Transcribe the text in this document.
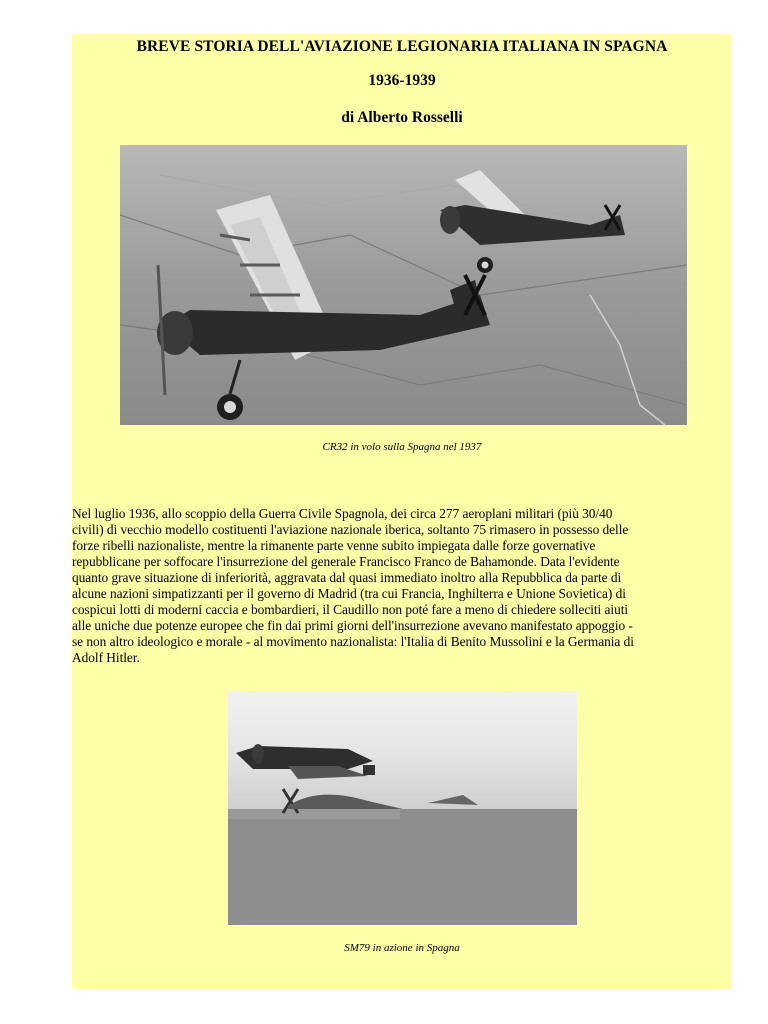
BREVE STORIA DELL'AVIAZIONE LEGIONARIA ITALIANA IN SPAGNA
1936-1939
di Alberto Rosselli
CR32 in volo sulla Spagna nel 1937
Nel luglio 1936, allo scoppio della Guerra Civile Spagnola, dei circa 277 aeroplani militari (più 30/40
civili) di vecchio modello costituenti l'aviazione nazionale iberica, soltanto 75 rimasero in possesso delle
forze ribelli nazionaliste, mentre la rimanente parte venne subito impiegata dalle forze governative
repubblicane per soffocare l'insurrezione del generale Francisco Franco de Bahamonde. Data l'evidente
quanto grave situazione di inferiorità, aggravata dal quasi immediato inoltro alla Repubblica da parte di
alcune nazioni simpatizzanti per il governo di Madrid (tra cui Francia, Inghilterra e Unione Sovietica) di
cospicui lotti di moderni caccia e bombardieri, il Caudillo non poté fare a meno di chiedere solleciti aiuti
alle uniche due potenze europee che fin dai primi giorni dell'insurrezione avevano manifestato appoggio -
se non altro ideologico e morale - al movimento nazionalista: l'Italia di Benito Mussolini e la Germania di
Adolf Hitler.
SM79 in azione in Spagna
